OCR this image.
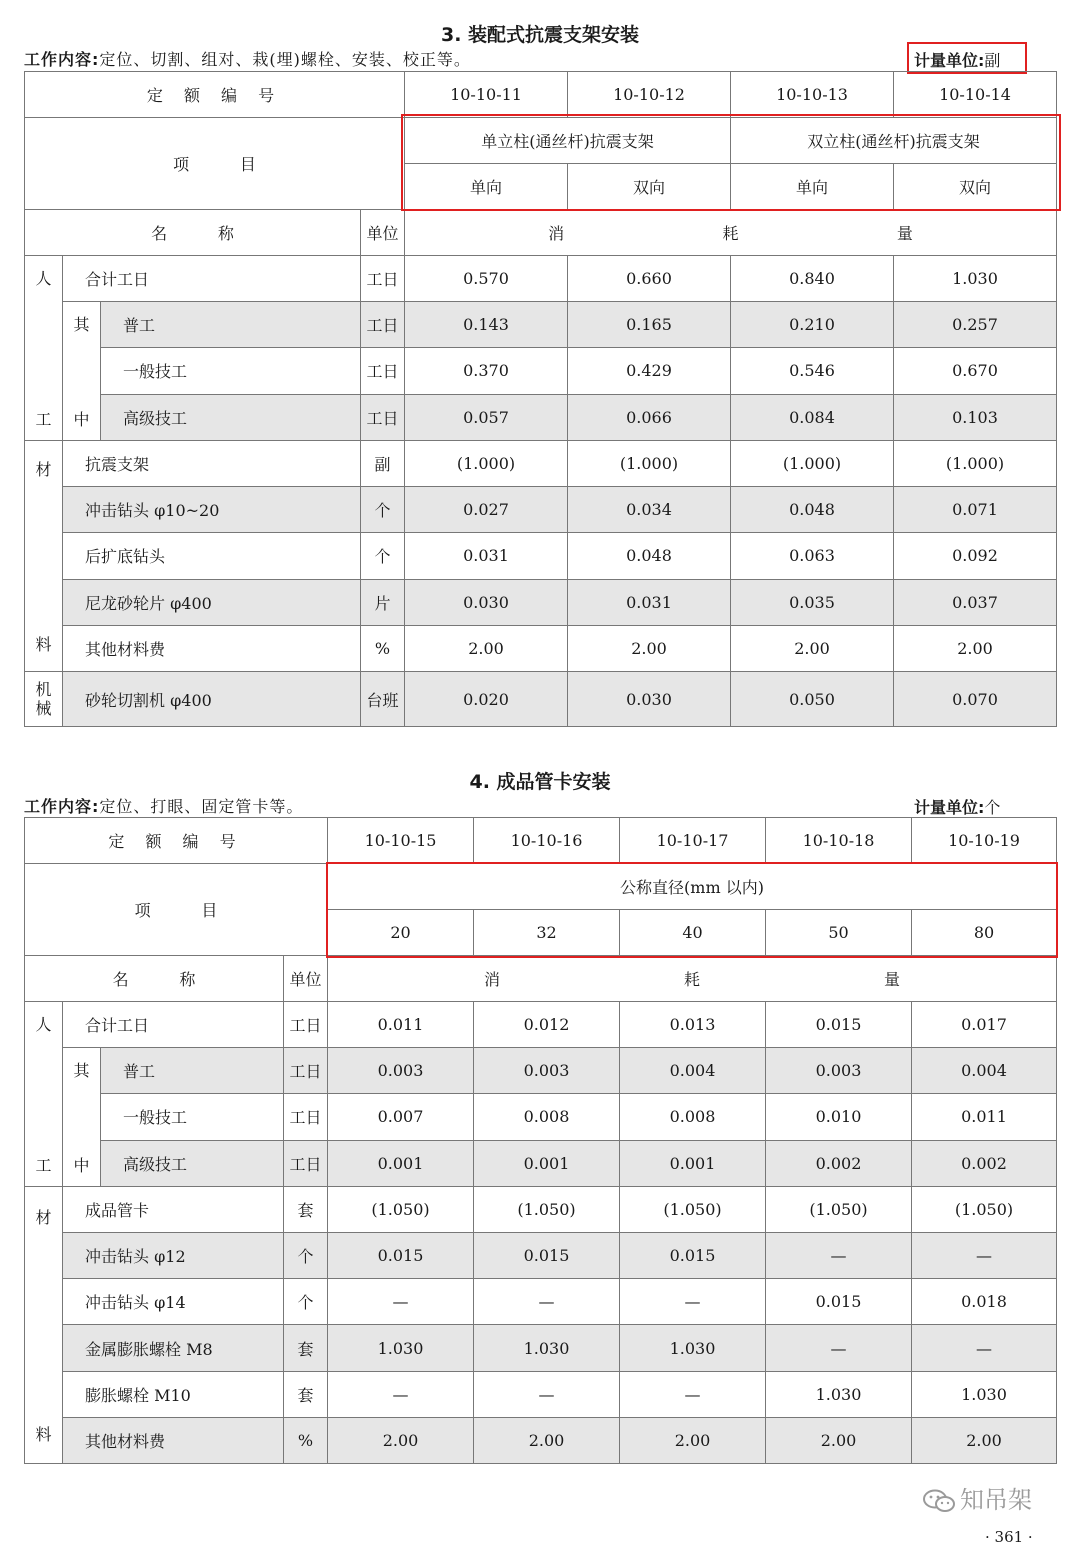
3. 装配式抗震支架安装
工作内容:定位、切割、组对、栽(埋)螺栓、安装、校正等。	计量单位:副
定 额 编 号				10-10-11	10-10-12	10-10-13	10-10-14
项          目				单立柱(通丝杆)抗震支架		双立柱(通丝杆)抗震支架	
				单向	双向	单向	双向
名          称			单位	消 耗 量			

人
工	合计工日		工日	0.570	0.660	0.840	1.030

	其
中	普工	工日	0.143	0.165	0.210	0.257
		一般技工	工日	0.370	0.429	0.546	0.670
		高级技工	工日	0.057	0.066	0.084	0.103

材
料	抗震支架		副	(1.000)	(1.000)	(1.000)	(1.000)
	冲击钻头 φ10~20		个	0.027	0.034	0.048	0.071
	后扩底钻头		个	0.031	0.048	0.063	0.092
	尼龙砂轮片 φ400		片	0.030	0.031	0.035	0.037
	其他材料费		%	2.00	2.00	2.00	2.00
机
械	砂轮切割机 φ400		台班	0.020	0.030	0.050	0.070
4. 成品管卡安装
工作内容:定位、打眼、固定管卡等。	计量单位:个
定 额 编 号				10-10-15	10-10-16	10-10-17	10-10-18	10-10-19
项          目				公称直径(mm 以内)				
				20	32	40	50	80
名          称			单位	消 耗 量				

人
工	合计工日		工日	0.011	0.012	0.013	0.015	0.017

	其
中	普工	工日	0.003	0.003	0.004	0.003	0.004
		一般技工	工日	0.007	0.008	0.008	0.010	0.011
		高级技工	工日	0.001	0.001	0.001	0.002	0.002

材
料	成品管卡		套	(1.050)	(1.050)	(1.050)	(1.050)	(1.050)
	冲击钻头 φ12		个	0.015	0.015	0.015	—	—
	冲击钻头 φ14		个	—	—	—	0.015	0.018
	金属膨胀螺栓 M8		套	1.030	1.030	1.030	—	—
	膨胀螺栓 M10		套	—	—	—	1.030	1.030
	其他材料费		%	2.00	2.00	2.00	2.00	2.00
知吊架
· 361 ·
